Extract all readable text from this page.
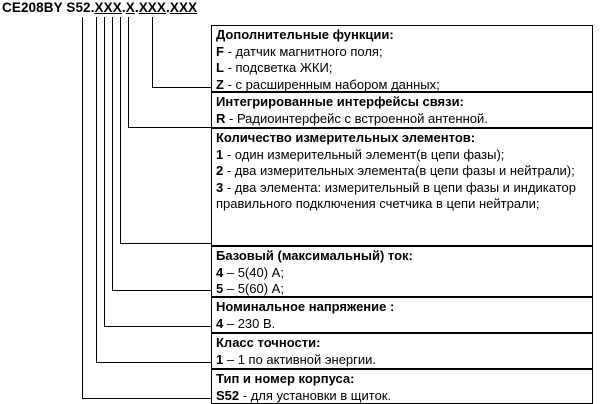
CE208BY S52.XXX.X.XXX.XXX
Дополнительные функции:
F - датчик магнитного поля;
L - подсветка ЖКИ;
Z - с расширенным набором данных;
Интегрированные интерфейсы связи:
R - Радиоинтерфейс с встроенной антенной.
Количество измерительных элементов:
1 - один измерительный элемент(в цепи фазы);
2 - два измерительных элемента(в цепи фазы и нейтрали);
3 - два элемента: измерительный в цепи фазы и индикатор правильного подключения счетчика в цепи нейтрали;
Базовый (максимальный) ток:
4 – 5(40) А;
5 – 5(60) А;
Номинальное напряжение :
4 – 230 В.
Класс точности:
1 – 1 по активной энергии.
Тип и номер корпуса:
S52 - для установки в щиток.
